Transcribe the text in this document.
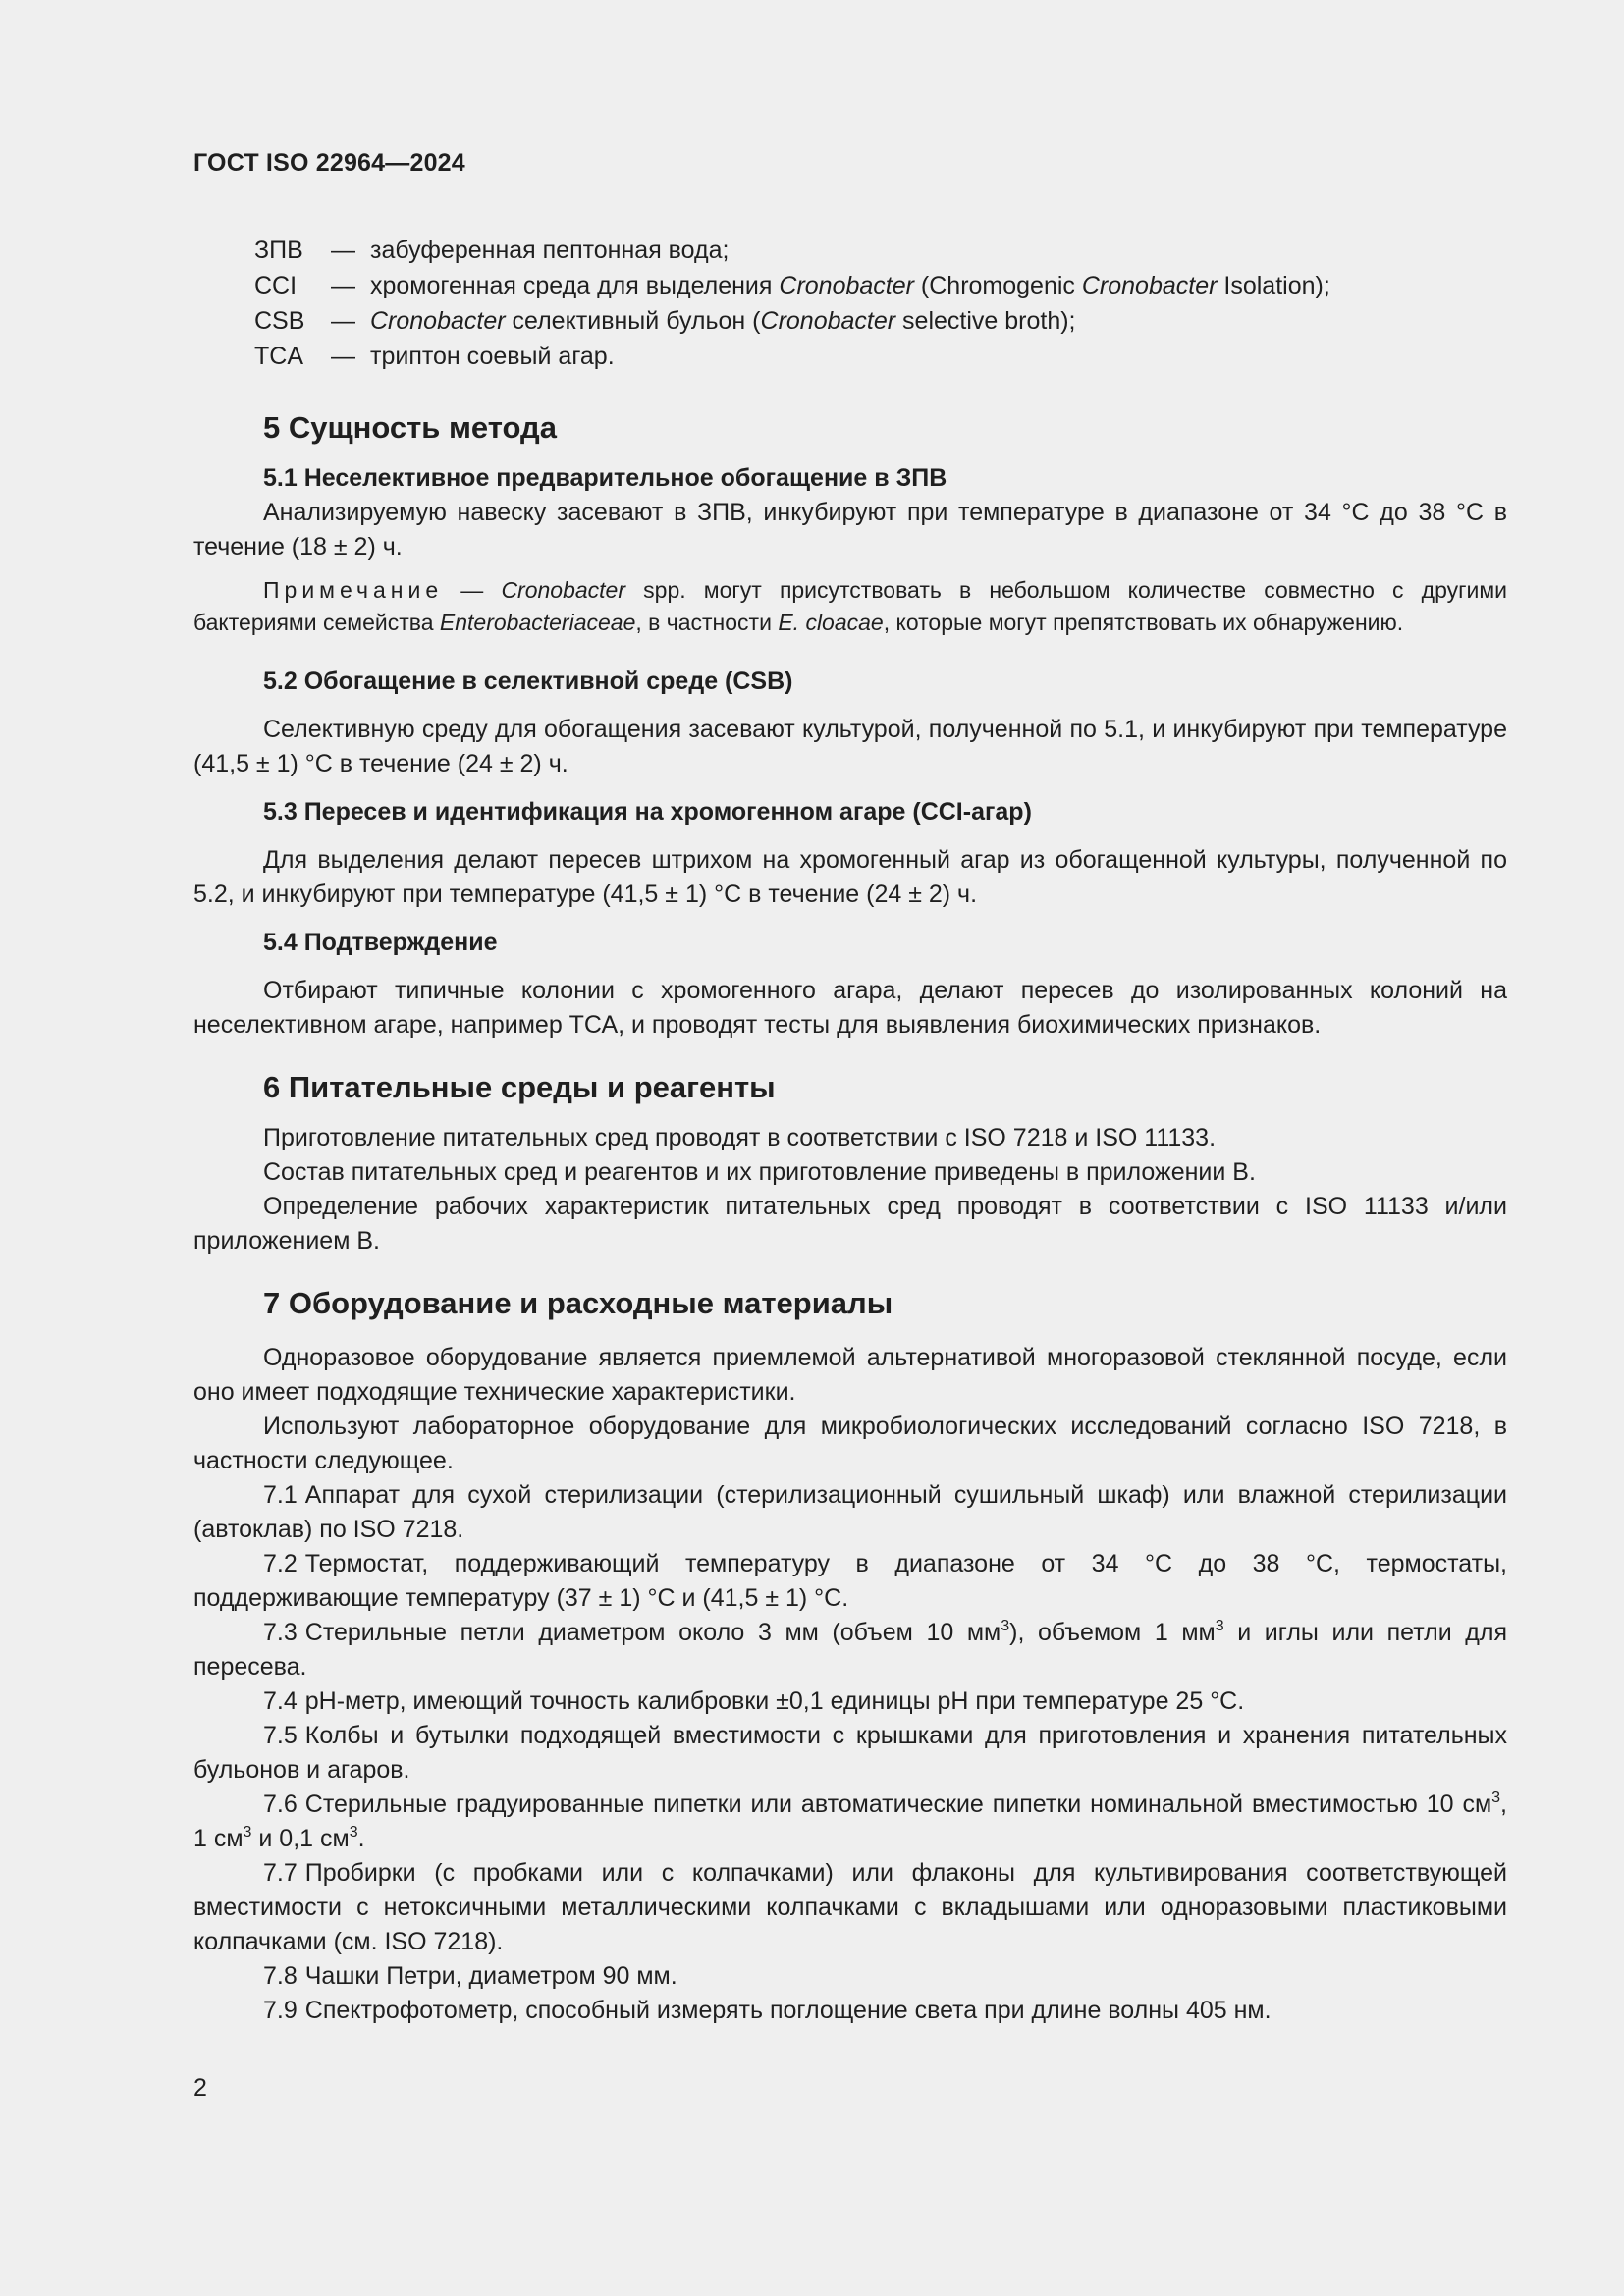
ГОСТ ISO 22964—2024
ЗПВ	— забуференная пептонная вода;
CCI	— хромогенная среда для выделения Cronobacter (Chromogenic Cronobacter Isolation);
CSB	— Cronobacter селективный бульон (Cronobacter selective broth);
TCA	— триптон соевый агар.
5 Сущность метода
5.1 Неселективное предварительное обогащение в ЗПВ

Анализируемую навеску засевают в ЗПВ, инкубируют при температуре в диапазоне от 34 °С до 38 °С в течение (18 ± 2) ч.

Примечание — Cronobacter spp. могут присутствовать в небольшом количестве совместно с другими бактериями семейства Enterobacteriaceae, в частности E. cloacae, которые могут препятствовать их обнаружению.
5.2 Обогащение в селективной среде (CSB)

Селективную среду для обогащения засевают культурой, полученной по 5.1, и инкубируют при температуре (41,5 ± 1) °С в течение (24 ± 2) ч.

5.3 Пересев и идентификация на хромогенном агаре (CCI-агар)

Для выделения делают пересев штрихом на хромогенный агар из обогащенной культуры, полученной по 5.2, и инкубируют при температуре (41,5 ± 1) °С в течение (24 ± 2) ч.

5.4 Подтверждение

Отбирают типичные колонии с хромогенного агара, делают пересев до изолированных колоний на неселективном агаре, например ТСА, и проводят тесты для выявления биохимических признаков.

6 Питательные среды и реагенты

Приготовление питательных сред проводят в соответствии с ISO 7218 и ISO 11133.

Состав питательных сред и реагентов и их приготовление приведены в приложении В.

Определение рабочих характеристик питательных сред проводят в соответствии с ISO 11133 и/или приложением В.

7 Оборудование и расходные материалы

Одноразовое оборудование является приемлемой альтернативой многоразовой стеклянной посуде, если оно имеет подходящие технические характеристики.

Используют лабораторное оборудование для микробиологических исследований согласно ISO 7218, в частности следующее.

7.1 Аппарат для сухой стерилизации (стерилизационный сушильный шкаф) или влажной стерилизации (автоклав) по ISO 7218.

7.2 Термостат, поддерживающий температуру в диапазоне от 34 °С до 38 °С, термостаты, поддерживающие температуру (37 ± 1) °С и (41,5 ± 1) °С.

7.3 Стерильные петли диаметром около 3 мм (объем 10 $мм^3$), объемом 1 $мм^3$ и иглы или петли для пересева.

7.4 pH-метр, имеющий точность калибровки ±0,1 единицы pH при температуре 25 °С.

7.5 Колбы и бутылки подходящей вместимости с крышками для приготовления и хранения питательных бульонов и агаров.

7.6 Стерильные градуированные пипетки или автоматические пипетки номинальной вместимостью 10 $см^3$, 1 $см^3$ и 0,1 $см^3$.

7.7 Пробирки (с пробками или с колпачками) или флаконы для культивирования соответствующей вместимости с нетоксичными металлическими колпачками с вкладышами или одноразовыми пластиковыми колпачками (см. ISO 7218).

7.8 Чашки Петри, диаметром 90 мм.

7.9 Спектрофотометр, способный измерять поглощение света при длине волны 405 нм.

2
